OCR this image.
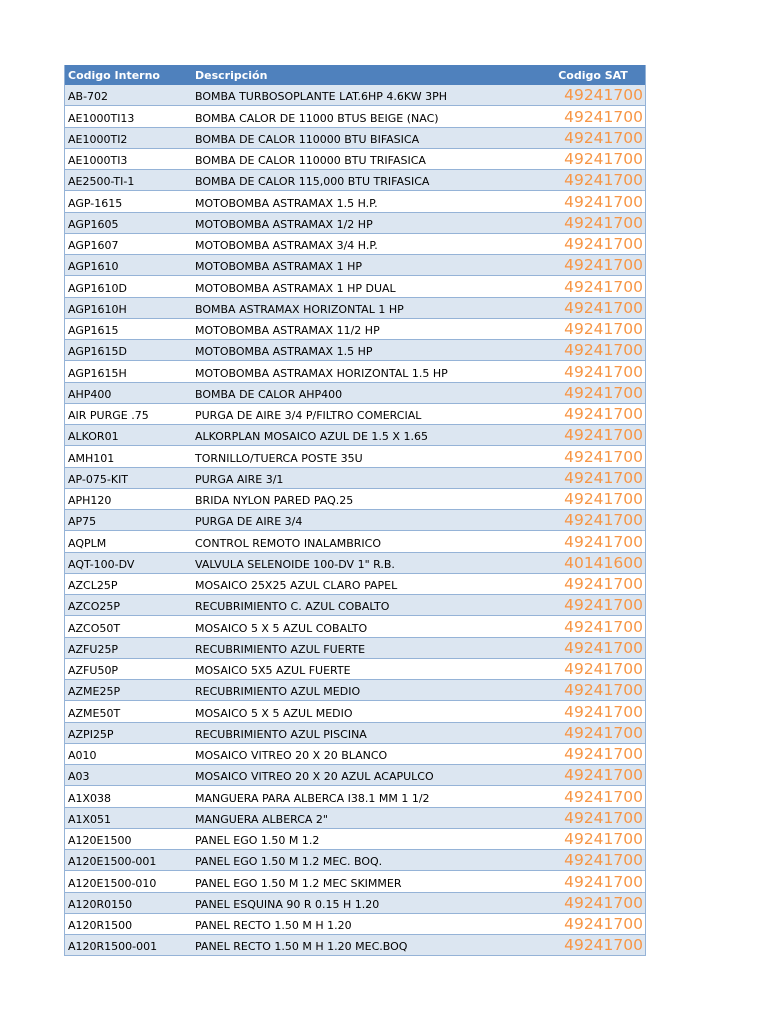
Codigo Interno	Descripción	Codigo SAT
AB-702	BOMBA TURBOSOPLANTE LAT.6HP 4.6KW 3PH	49241700
AE1000TI13	BOMBA CALOR DE 11000 BTUS BEIGE (NAC)	49241700
AE1000TI2	BOMBA DE CALOR 110000 BTU BIFASICA	49241700
AE1000TI3	BOMBA DE CALOR 110000 BTU TRIFASICA	49241700
AE2500-TI-1	BOMBA DE CALOR 115,000 BTU TRIFASICA	49241700
AGP-1615	MOTOBOMBA ASTRAMAX 1.5 H.P.	49241700
AGP1605	MOTOBOMBA ASTRAMAX 1/2 HP	49241700
AGP1607	MOTOBOMBA ASTRAMAX 3/4 H.P.	49241700
AGP1610	MOTOBOMBA ASTRAMAX 1 HP	49241700
AGP1610D	MOTOBOMBA ASTRAMAX 1 HP DUAL	49241700
AGP1610H	BOMBA ASTRAMAX HORIZONTAL 1 HP	49241700
AGP1615	MOTOBOMBA ASTRAMAX 11/2 HP	49241700
AGP1615D	MOTOBOMBA ASTRAMAX 1.5 HP	49241700
AGP1615H	MOTOBOMBA ASTRAMAX HORIZONTAL 1.5 HP	49241700
AHP400	BOMBA DE CALOR AHP400	49241700
AIR PURGE .75	PURGA DE AIRE 3/4 P/FILTRO COMERCIAL	49241700
ALKOR01	ALKORPLAN MOSAICO AZUL DE 1.5 X 1.65	49241700
AMH101	TORNILLO/TUERCA POSTE 35U	49241700
AP-075-KIT	PURGA AIRE 3/1	49241700
APH120	BRIDA NYLON PARED PAQ.25	49241700
AP75	PURGA DE AIRE 3/4	49241700
AQPLM	CONTROL REMOTO INALAMBRICO	49241700
AQT-100-DV	VALVULA SELENOIDE 100-DV 1" R.B.	40141600
AZCL25P	MOSAICO 25X25 AZUL CLARO PAPEL	49241700
AZCO25P	RECUBRIMIENTO C. AZUL COBALTO	49241700
AZCO50T	MOSAICO 5 X 5 AZUL COBALTO	49241700
AZFU25P	RECUBRIMIENTO AZUL FUERTE	49241700
AZFU50P	MOSAICO 5X5 AZUL FUERTE	49241700
AZME25P	RECUBRIMIENTO AZUL MEDIO	49241700
AZME50T	MOSAICO 5 X 5 AZUL MEDIO	49241700
AZPI25P	RECUBRIMIENTO AZUL PISCINA	49241700
A010	MOSAICO VITREO 20 X 20 BLANCO	49241700
A03	MOSAICO VITREO 20 X 20 AZUL ACAPULCO	49241700
A1X038	MANGUERA PARA ALBERCA I38.1 MM 1 1/2	49241700
A1X051	MANGUERA ALBERCA 2"	49241700
A120E1500	PANEL EGO 1.50 M 1.2	49241700
A120E1500-001	PANEL EGO 1.50 M 1.2 MEC. BOQ.	49241700
A120E1500-010	PANEL EGO 1.50 M 1.2 MEC SKIMMER	49241700
A120R0150	PANEL ESQUINA 90 R 0.15 H 1.20	49241700
A120R1500	PANEL RECTO 1.50 M H 1.20	49241700
A120R1500-001	PANEL RECTO 1.50 M H 1.20 MEC.BOQ	49241700
